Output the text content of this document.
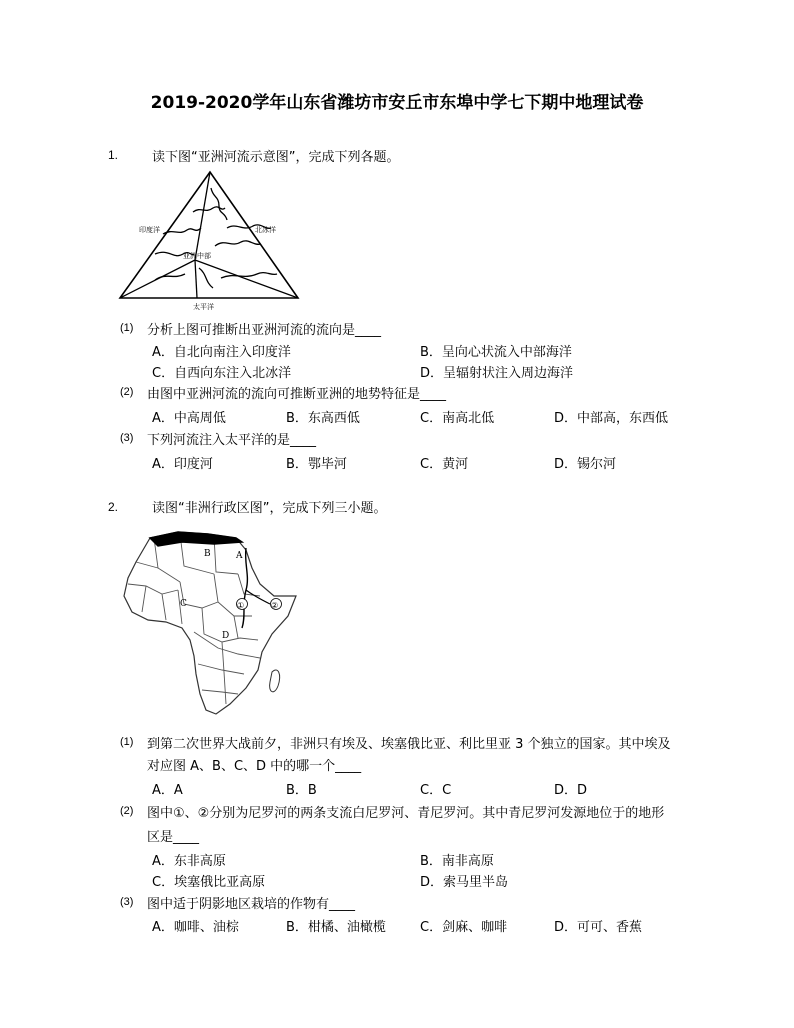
2019-2020学年山东省潍坊市安丘市东埠中学七下期中地理试卷
1.	读下图“亚洲河流示意图”，完成下列各题。
印度洋	北冰洋
亚洲中部
太平洋
(1) 分析上图可推断出亚洲河流的流向是____
A．自北向南注入印度洋	B．呈向心状流入中部海洋
C．自西向东注入北冰洋	D．呈辐射状注入周边海洋
(2) 由图中亚洲河流的流向可推断亚洲的地势特征是____
A．中高周低	B．东高西低	C．南高北低	D．中部高，东西低
(3) 下列河流注入太平洋的是____
A．印度河	B．鄂毕河	C．黄河	D．锡尔河
2.	读图“非洲行政区图”，完成下列三小题。
B	A
C
D
①	②
(1) 到第二次世界大战前夕，非洲只有埃及、埃塞俄比亚、利比里亚 3 个独立的国家。其中埃及
对应图 A、B、C、D 中的哪一个____
A．A	B．B	C．C	D．D
(2) 图中①、②分别为尼罗河的两条支流白尼罗河、青尼罗河。其中青尼罗河发源地位于的地形
区是____
A．东非高原	B．南非高原
C．埃塞俄比亚高原	D．索马里半岛
(3) 图中适于阴影地区栽培的作物有____
A．咖啡、油棕	B．柑橘、油橄榄	C．剑麻、咖啡	D．可可、香蕉
